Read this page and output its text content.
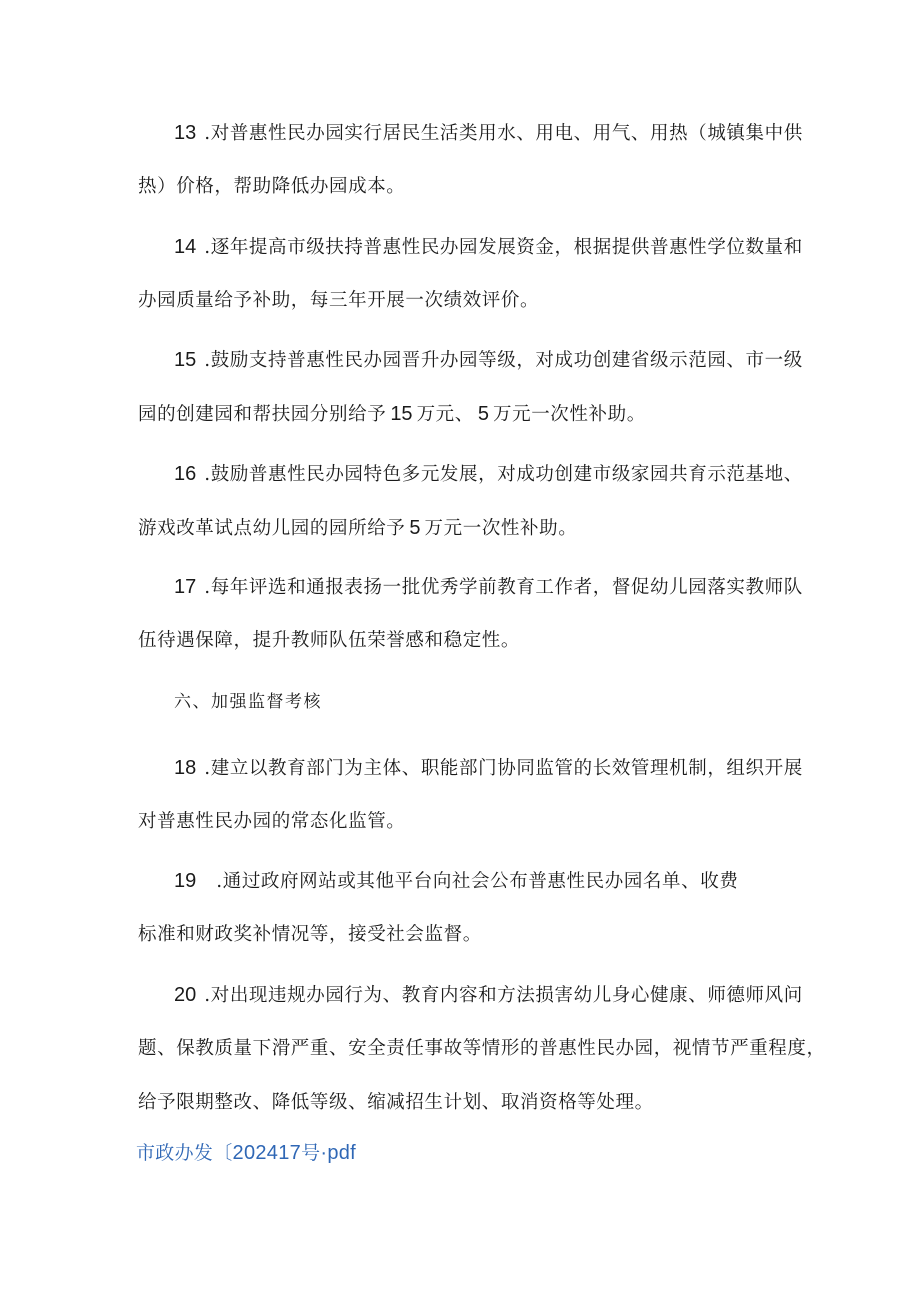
13 .对普惠性民办园实行居民生活类用水、用电、用气、用热（城镇集中供
热）价格，帮助降低办园成本。
14 .逐年提高市级扶持普惠性民办园发展资金，根据提供普惠性学位数量和
办园质量给予补助，每三年开展一次绩效评价。
15 .鼓励支持普惠性民办园晋升办园等级，对成功创建省级示范园、市一级
园的创建园和帮扶园分别给予 15 万元、 5 万元一次性补助。
16 .鼓励普惠性民办园特色多元发展，对成功创建市级家园共育示范基地、
游戏改革试点幼儿园的园所给予 5 万元一次性补助。
17 .每年评选和通报表扬一批优秀学前教育工作者，督促幼儿园落实教师队
伍待遇保障，提升教师队伍荣誉感和稳定性。
六、加强监督考核
18 .建立以教育部门为主体、职能部门协同监管的长效管理机制，组织开展
对普惠性民办园的常态化监管。
19 .通过政府网站或其他平台向社会公布普惠性民办园名单、收费
标准和财政奖补情况等，接受社会监督。
20 .对出现违规办园行为、教育内容和方法损害幼儿身心健康、师德师风问
题、保教质量下滑严重、安全责任事故等情形的普惠性民办园，视情节严重程度，
给予限期整改、降低等级、缩减招生计划、取消资格等处理。
市政办发〔202417号·pdf
